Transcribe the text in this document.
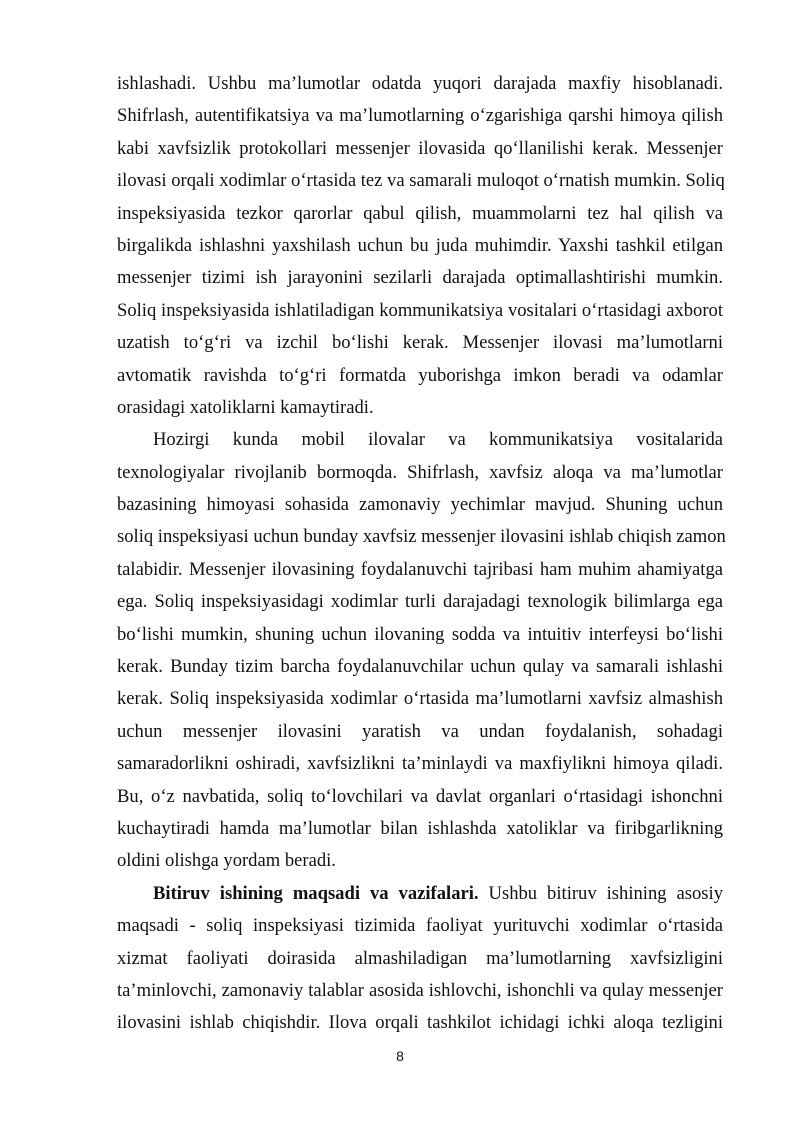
ishlashadi. Ushbu ma’lumotlar odatda yuqori darajada maxfiy hisoblanadi.
Shifrlash, autentifikatsiya va ma’lumotlarning o‘zgarishiga qarshi himoya qilish
kabi xavfsizlik protokollari messenjer ilovasida qo‘llanilishi kerak. Messenjer
ilovasi orqali xodimlar o‘rtasida tez va samarali muloqot o‘rnatish mumkin. Soliq
inspeksiyasida tezkor qarorlar qabul qilish, muammolarni tez hal qilish va
birgalikda ishlashni yaxshilash uchun bu juda muhimdir. Yaxshi tashkil etilgan
messenjer tizimi ish jarayonini sezilarli darajada optimallashtirishi mumkin.
Soliq inspeksiyasida ishlatiladigan kommunikatsiya vositalari o‘rtasidagi axborot
uzatish to‘g‘ri va izchil bo‘lishi kerak. Messenjer ilovasi ma’lumotlarni
avtomatik ravishda to‘g‘ri formatda yuborishga imkon beradi va odamlar
orasidagi xatoliklarni kamaytiradi.
Hozirgi kunda mobil ilovalar va kommunikatsiya vositalarida
texnologiyalar rivojlanib bormoqda. Shifrlash, xavfsiz aloqa va ma’lumotlar
bazasining himoyasi sohasida zamonaviy yechimlar mavjud. Shuning uchun
soliq inspeksiyasi uchun bunday xavfsiz messenjer ilovasini ishlab chiqish zamon
talabidir. Messenjer ilovasining foydalanuvchi tajribasi ham muhim ahamiyatga
ega. Soliq inspeksiyasidagi xodimlar turli darajadagi texnologik bilimlarga ega
bo‘lishi mumkin, shuning uchun ilovaning sodda va intuitiv interfeysi bo‘lishi
kerak. Bunday tizim barcha foydalanuvchilar uchun qulay va samarali ishlashi
kerak. Soliq inspeksiyasida xodimlar o‘rtasida ma’lumotlarni xavfsiz almashish
uchun messenjer ilovasini yaratish va undan foydalanish, sohadagi
samaradorlikni oshiradi, xavfsizlikni ta’minlaydi va maxfiylikni himoya qiladi.
Bu, o‘z navbatida, soliq to‘lovchilari va davlat organlari o‘rtasidagi ishonchni
kuchaytiradi hamda ma’lumotlar bilan ishlashda xatoliklar va firibgarlikning
oldini olishga yordam beradi.
Bitiruv ishining maqsadi va vazifalari. Ushbu bitiruv ishining asosiy
maqsadi - soliq inspeksiyasi tizimida faoliyat yurituvchi xodimlar o‘rtasida
xizmat faoliyati doirasida almashiladigan ma’lumotlarning xavfsizligini
ta’minlovchi, zamonaviy talablar asosida ishlovchi, ishonchli va qulay messenjer
ilovasini ishlab chiqishdir. Ilova orqali tashkilot ichidagi ichki aloqa tezligini
8
